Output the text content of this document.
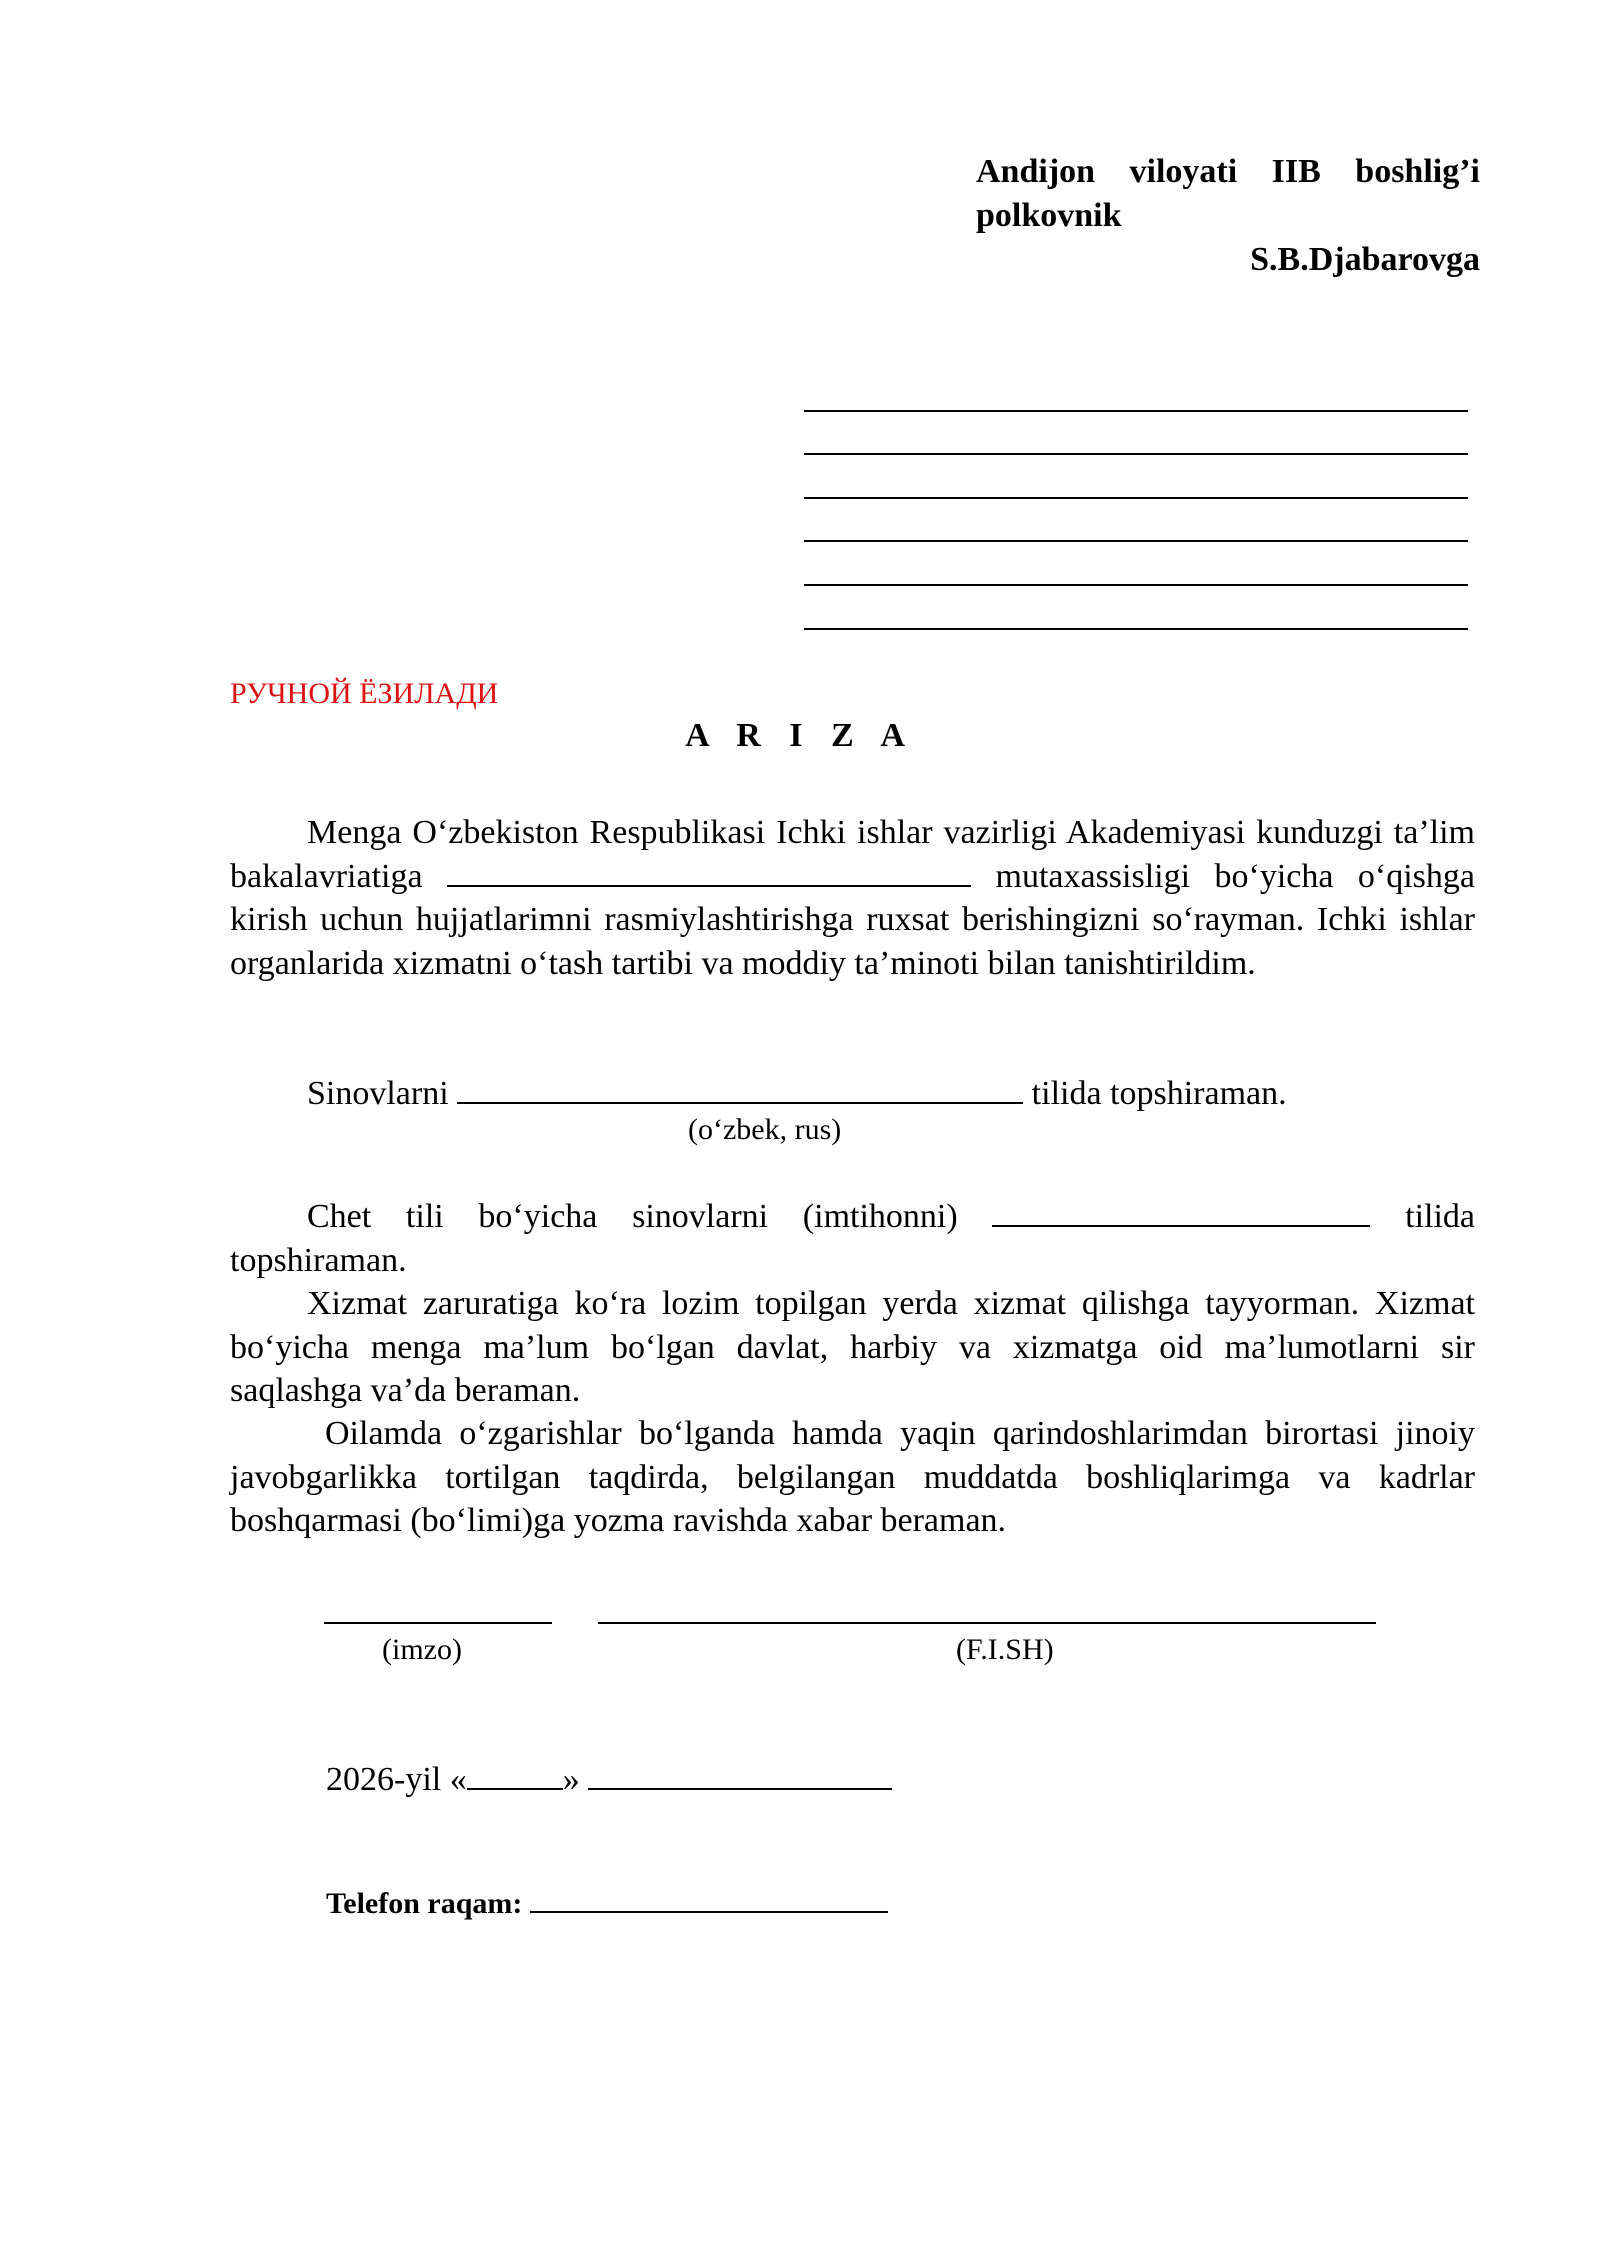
Andijon viloyati IIB boshlig’i
polkovnik
S.B.Djabarovga
РУЧНОЙ ЁЗИЛАДИ
A R I Z A
Menga O‘zbekiston Respublikasi Ichki ishlar vazirligi Akademiyasi kunduzgi ta’lim bakalavriatiga	mutaxassisligi bo‘yicha o‘qishga kirish uchun hujjatlarimni rasmiylashtirishga ruxsat berishingizni so‘rayman. Ichki ishlar organlarida xizmatni o‘tash tartibi va moddiy ta’minoti bilan tanishtirildim.
Sinovlarni	tilida topshiraman.
(o‘zbek, rus)
Chet tili bo‘yicha sinovlarni (imtihonni)	tilida topshiraman.
Xizmat zaruratiga ko‘ra lozim topilgan yerda xizmat qilishga tayyorman. Xizmat bo‘yicha menga ma’lum bo‘lgan davlat, harbiy va xizmatga oid ma’lumotlarni sir saqlashga va’da beraman.
Oilamda o‘zgarishlar bo‘lganda hamda yaqin qarindoshlarimdan birortasi jinoiy javobgarlikka tortilgan taqdirda, belgilangan muddatda boshliqlarimga va kadrlar boshqarmasi (bo‘limi)ga yozma ravishda xabar beraman.
(imzo)	(F.I.SH)
2026-yil «	»
Telefon raqam:
